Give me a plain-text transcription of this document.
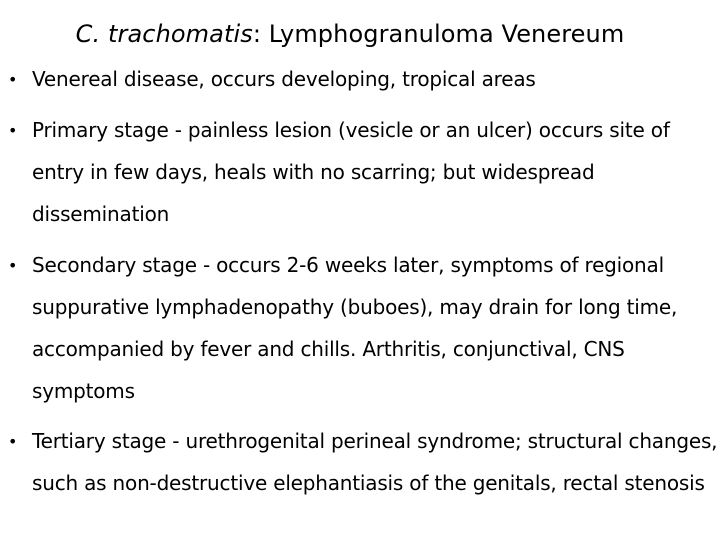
C. trachomatis: Lymphogranuloma Venereum
• Venereal disease, occurs developing, tropical areas
• Primary stage - painless lesion (vesicle or an ulcer) occurs site of entry in few days, heals with no scarring; but widespread dissemination
• Secondary stage - occurs 2-6 weeks later, symptoms of regional suppurative lymphadenopathy (buboes), may drain for long time, accompanied by fever and chills. Arthritis, conjunctival, CNS symptoms
• Tertiary stage - urethrogenital perineal syndrome; structural changes, such as non-destructive elephantiasis of the genitals, rectal stenosis
